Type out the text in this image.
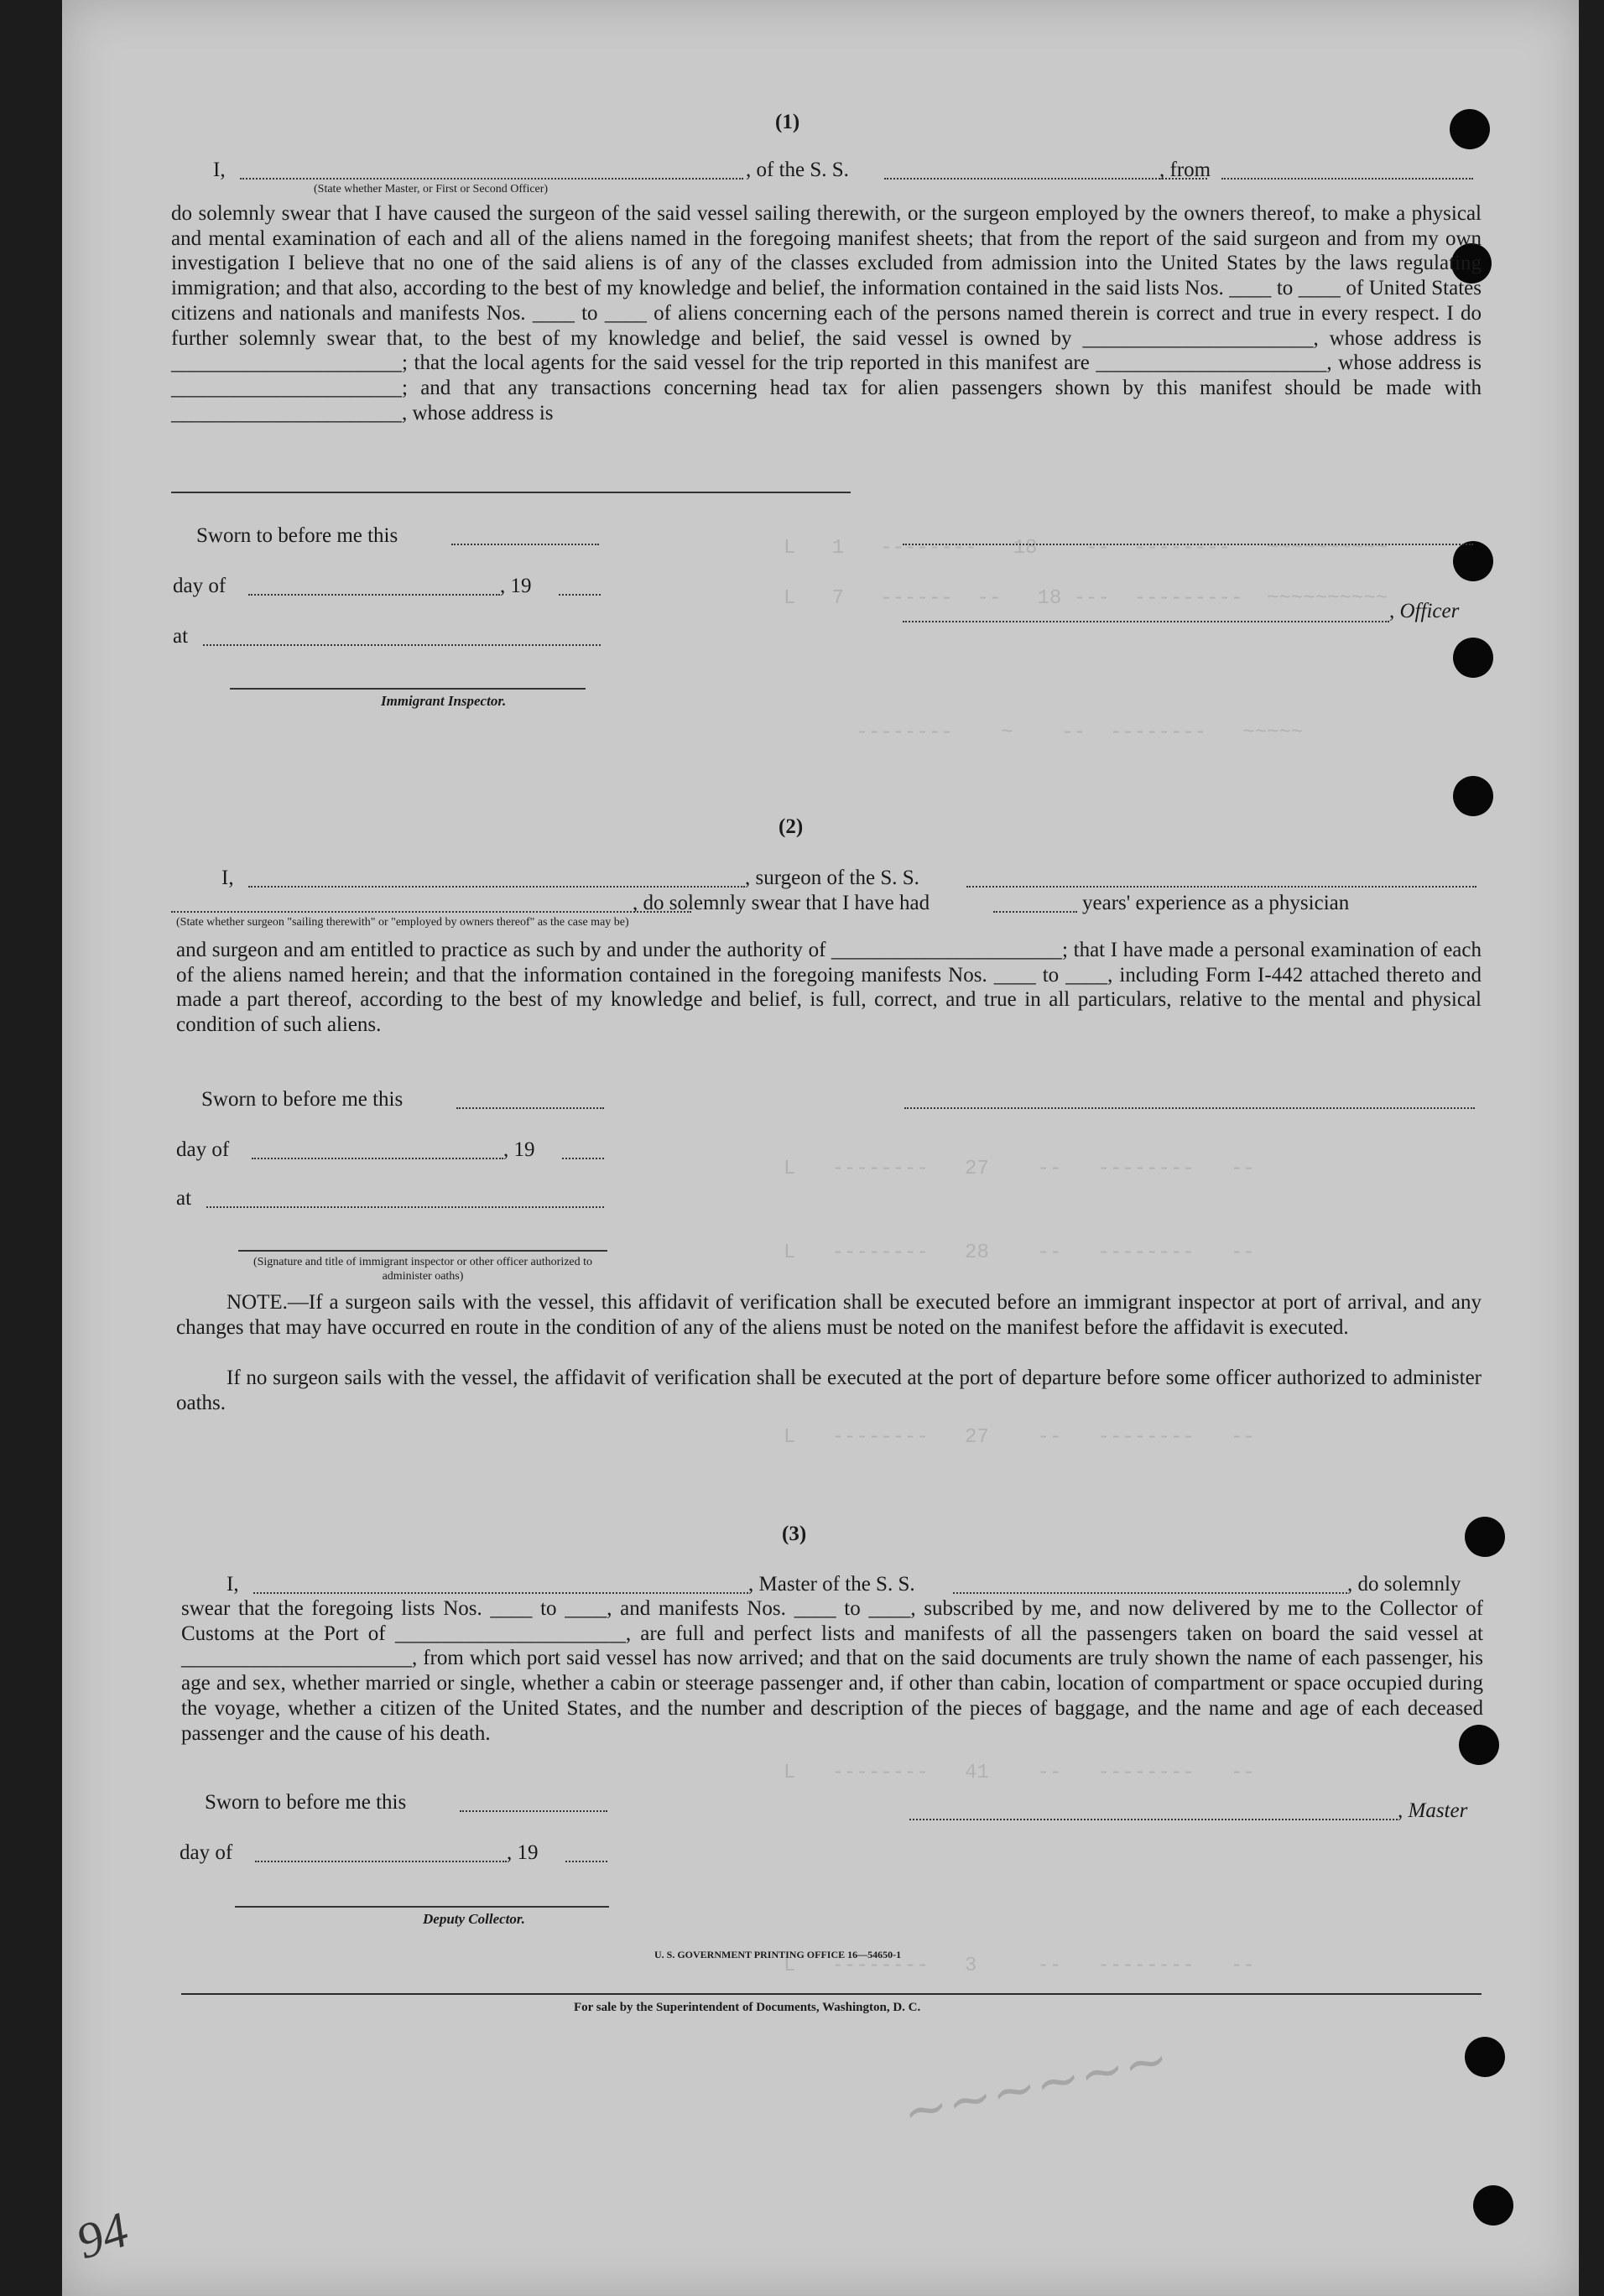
L   1   --------   18    --  --------   ~~~~~~~~~~
L   7   ------  --   18 ---  ---------  ~~~~~~~~~~
--------    ~    --  --------   ~~~~~
L   --------   27    --   --------   --
L   --------   28    --   --------   --
L   --------   27    --   --------   --
L   --------   41    --   --------   --
L   --------   3     --   --------   --
~~~~~~
(1)
I,
(State whether Master, or First or Second Officer)
, of the S. S.	, from
do solemnly swear that I have caused the surgeon of the said vessel sailing therewith, or the surgeon employed by the owners thereof, to make a physical and mental examination of each and all of the aliens named in the foregoing manifest sheets; that from the report of the said surgeon and from my own investigation I believe that no one of the said aliens is of any of the classes excluded from admission into the United States by the laws regulating immigration; and that also, according to the best of my knowledge and belief, the information contained in the said lists Nos. ____ to ____ of United States citizens and nationals and manifests Nos. ____ to ____ of aliens concerning each of the persons named therein is correct and true in every respect. I do further solemnly swear that, to the best of my knowledge and belief, the said vessel is owned by ______________________, whose address is ______________________; that the local agents for the said vessel for the trip reported in this manifest are ______________________, whose address is ______________________; and that any transactions concerning head tax for alien passengers shown by this manifest should be made with ______________________, whose address is
Sworn to before me this
day of	, 19
, Officer
at
Immigrant Inspector.
(2)
I,	, surgeon of the S. S.
, do solemnly swear that I have had	years' experience as a physician
(State whether surgeon "sailing therewith" or "employed by owners thereof" as the case may be)
and surgeon and am entitled to practice as such by and under the authority of ______________________; that I have made a personal examination of each of the aliens named herein; and that the information contained in the foregoing manifests Nos. ____ to ____, including Form I-442 attached thereto and made a part thereof, according to the best of my knowledge and belief, is full, correct, and true in all particulars, relative to the mental and physical condition of such aliens.
Sworn to before me this
day of	, 19
at
(Signature and title of immigrant inspector or other officer authorized to administer oaths)
NOTE.—If a surgeon sails with the vessel, this affidavit of verification shall be executed before an immigrant inspector at port of arrival, and any changes that may have occurred en route in the condition of any of the aliens must be noted on the manifest before the affidavit is executed.
If no surgeon sails with the vessel, the affidavit of verification shall be executed at the port of departure before some officer authorized to administer oaths.
(3)
I,	, Master of the S. S.	, do solemnly
swear that the foregoing lists Nos. ____ to ____, and manifests Nos. ____ to ____, subscribed by me, and now delivered by me to the Collector of Customs at the Port of ______________________, are full and perfect lists and manifests of all the passengers taken on board the said vessel at ______________________, from which port said vessel has now arrived; and that on the said documents are truly shown the name of each passenger, his age and sex, whether married or single, whether a cabin or steerage passenger and, if other than cabin, location of compartment or space occupied during the voyage, whether a citizen of the United States, and the number and description of the pieces of baggage, and the name and age of each deceased passenger and the cause of his death.
Sworn to before me this	, Master
day of	, 19
Deputy Collector.
U. S. GOVERNMENT PRINTING OFFICE 16—54650-1
For sale by the Superintendent of Documents, Washington, D. C.
94
